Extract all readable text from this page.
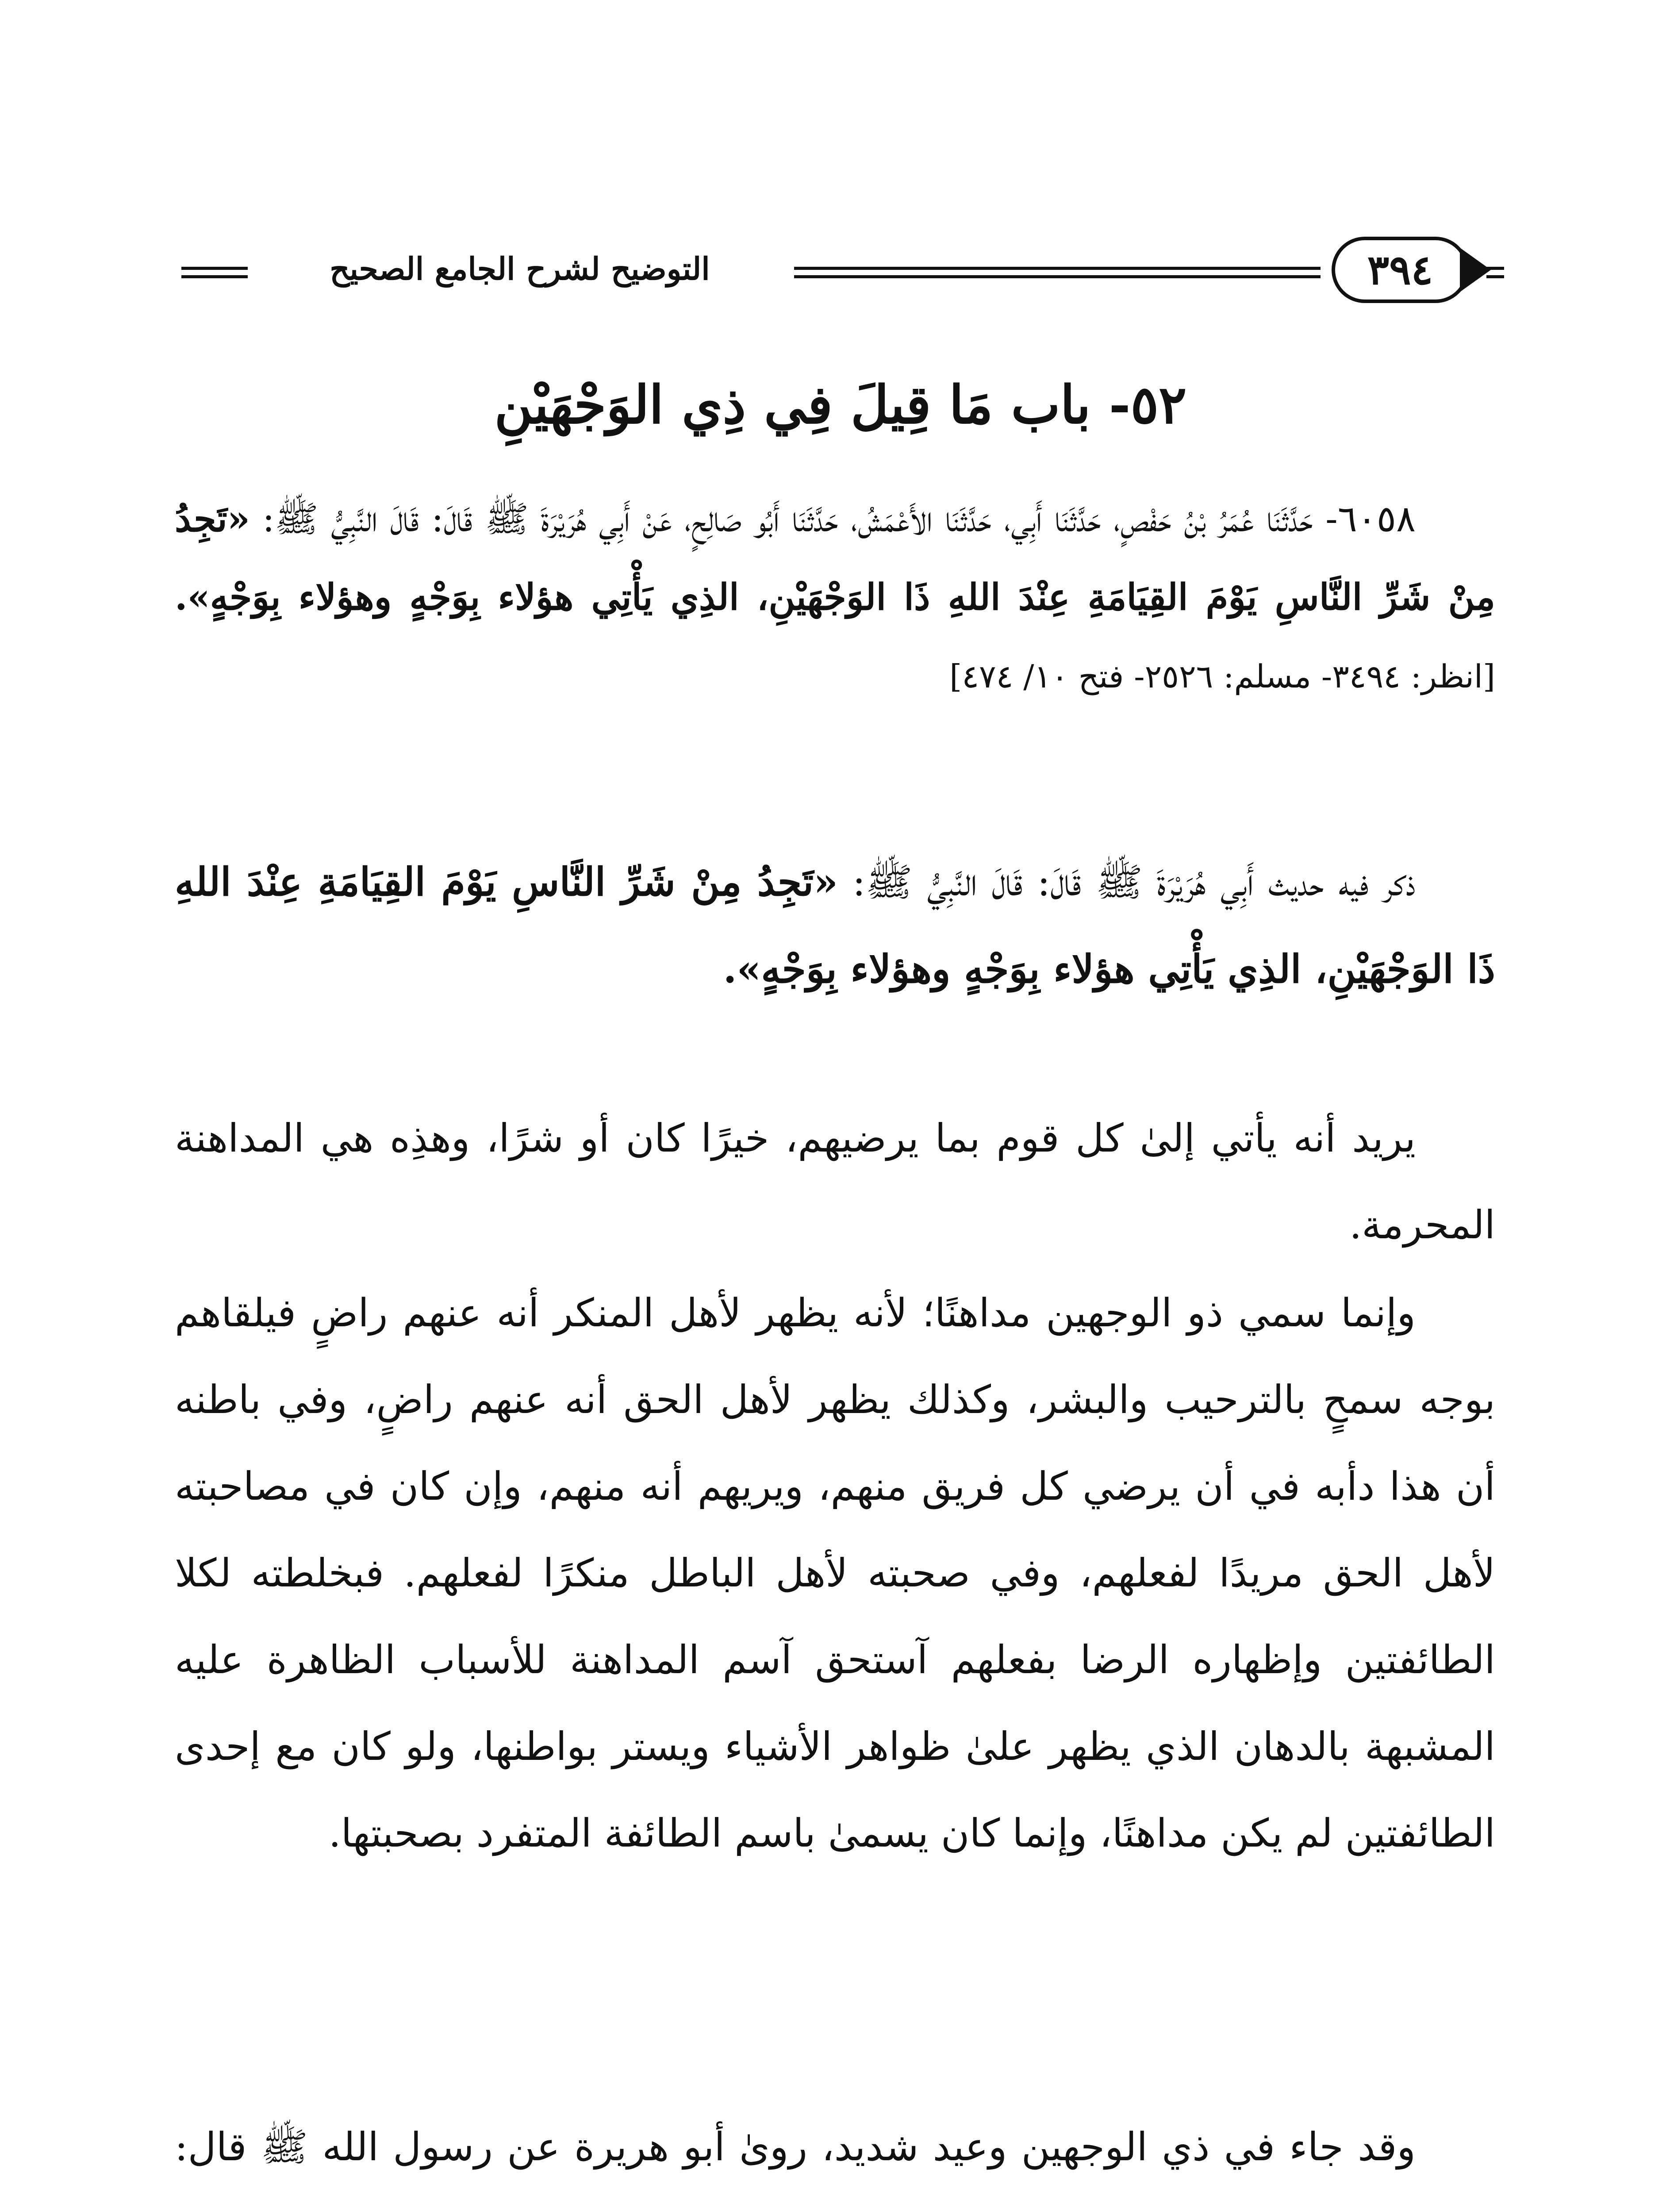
التوضيح لشرح الجامع الصحيح	٣٩٤
٥٢- باب مَا قِيلَ فِي ذِي الوَجْهَيْنِ

٦٠٥٨- حَدَّثَنَا عُمَرُ بْنُ حَفْصٍ، حَدَّثَنَا أَبِي، حَدَّثَنَا الأَعْمَشُ، حَدَّثَنَا أَبُو صَالِحٍ، عَنْ أَبِي هُرَيْرَةَ ﷺ قَالَ: قَالَ النَّبِيُّ ﷺ: «تَجِدُ مِنْ شَرِّ النَّاسِ يَوْمَ القِيَامَةِ عِنْدَ اللهِ ذَا الوَجْهَيْنِ، الذِي يَأْتِي هؤلاء بِوَجْهٍ وهؤلاء بِوَجْهٍ». [انظر: ٣٤٩٤- مسلم: ٢٥٢٦- فتح ١٠/ ٤٧٤]

ذكر فيه حديث أَبِي هُرَيْرَةَ ﷺ قَالَ: قَالَ النَّبِيُّ ﷺ: «تَجِدُ مِنْ شَرِّ النَّاسِ يَوْمَ القِيَامَةِ عِنْدَ اللهِ ذَا الوَجْهَيْنِ، الذِي يَأْتِي هؤلاء بِوَجْهٍ وهؤلاء بِوَجْهٍ».

يريد أنه يأتي إلىٰ كل قوم بما يرضيهم، خيرًا كان أو شرًا، وهذِه هي المداهنة المحرمة.

وإنما سمي ذو الوجهين مداهنًا؛ لأنه يظهر لأهل المنكر أنه عنهم راضٍ فيلقاهم بوجه سمحٍ بالترحيب والبشر، وكذلك يظهر لأهل الحق أنه عنهم راضٍ، وفي باطنه أن هذا دأبه في أن يرضي كل فريق منهم، ويريهم أنه منهم، وإن كان في مصاحبته لأهل الحق مريدًا لفعلهم، وفي صحبته لأهل الباطل منكرًا لفعلهم. فبخلطته لكلا الطائفتين وإظهاره الرضا بفعلهم آستحق آسم المداهنة للأسباب الظاهرة عليه المشبهة بالدهان الذي يظهر علىٰ ظواهر الأشياء ويستر بواطنها، ولو كان مع إحدى الطائفتين لم يكن مداهنًا، وإنما كان يسمىٰ باسم الطائفة المتفرد بصحبتها.

وقد جاء في ذي الوجهين وعيد شديد، روىٰ أبو هريرة عن رسول الله ﷺ قال:
